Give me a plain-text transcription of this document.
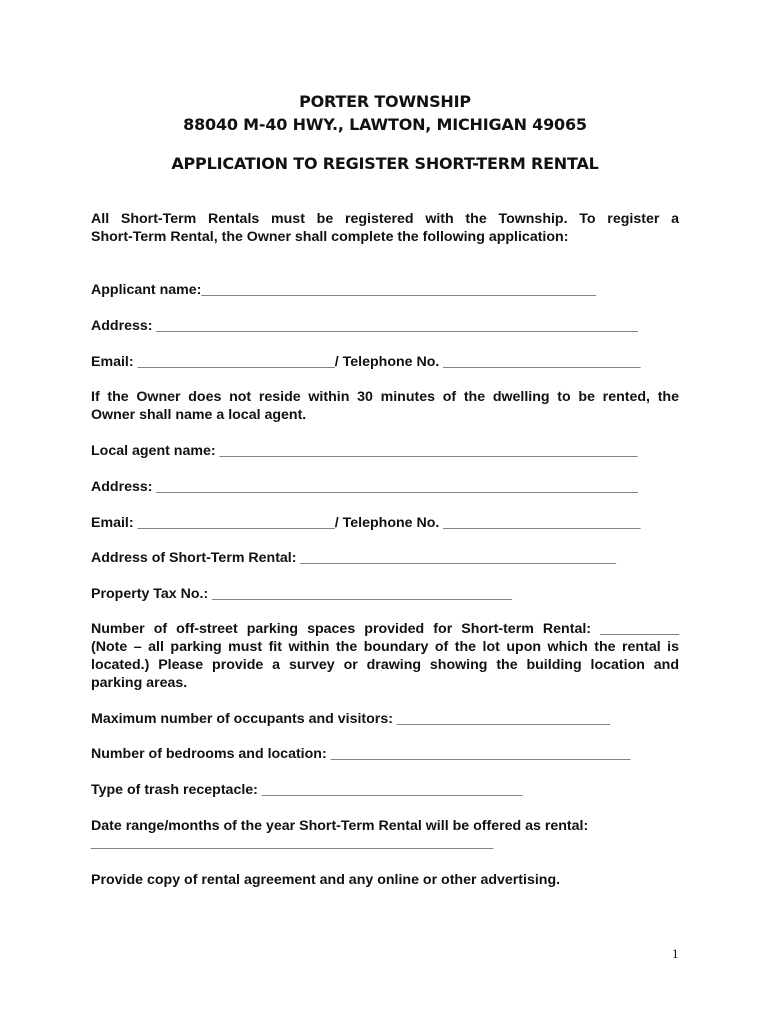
PORTER TOWNSHIP
88040 M-40 HWY., LAWTON, MICHIGAN 49065
APPLICATION TO REGISTER SHORT-TERM RENTAL
All Short-Term Rentals must be registered with the Township. To register a
Short-Term Rental, the Owner shall complete the following application:
Applicant name:__________________________________________________
Address: _____________________________________________________________
Email: _________________________/ Telephone No. _________________________
If the Owner does not reside within 30 minutes of the dwelling to be rented, the
Owner shall name a local agent.
Local agent name: _____________________________________________________
Address: _____________________________________________________________
Email: _________________________/ Telephone No. _________________________
Address of Short-Term Rental: ________________________________________
Property Tax No.: ______________________________________
Number of off-street parking spaces provided for Short-term Rental: __________
(Note – all parking must fit within the boundary of the lot upon which the rental is
located.) Please provide a survey or drawing showing the building location and
parking areas.
Maximum number of occupants and visitors: ___________________________
Number of bedrooms and location: ______________________________________
Type of trash receptacle: _________________________________
Date range/months of the year Short-Term Rental will be offered as rental:
___________________________________________________
Provide copy of rental agreement and any online or other advertising.
1
